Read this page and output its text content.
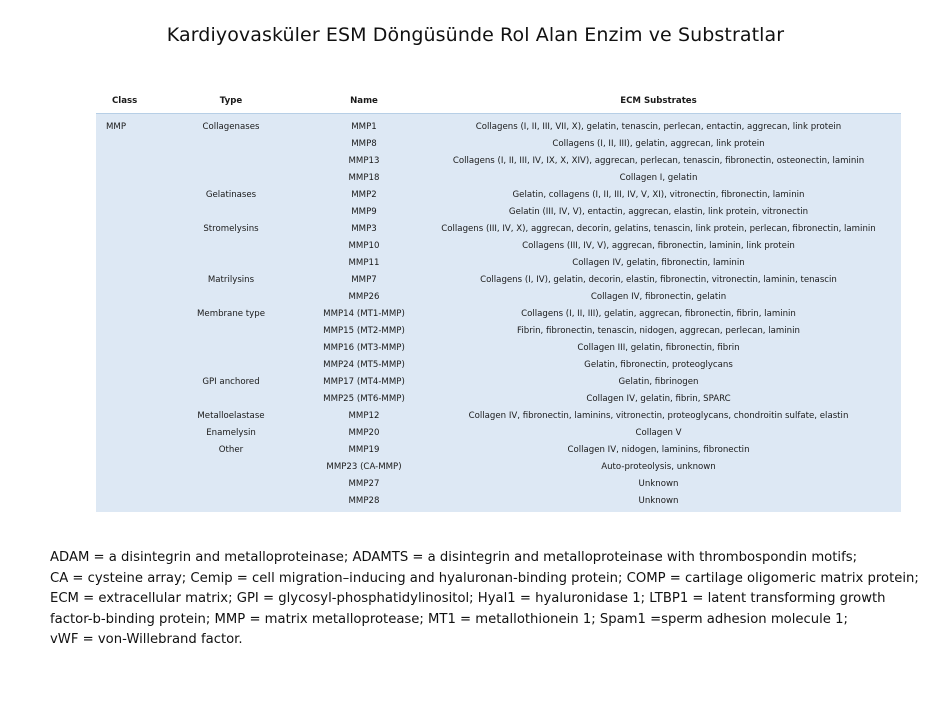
Kardiyovasküler ESM Döngüsünde Rol Alan Enzim ve Substratlar
Class	Type	Name	ECM Substrates
MMP	Collagenases	MMP1	Collagens (I, II, III, VII, X), gelatin, tenascin, perlecan, entactin, aggrecan, link protein
		MMP8	Collagens (I, II, III), gelatin, aggrecan, link protein
		MMP13	Collagens (I, II, III, IV, IX, X, XIV), aggrecan, perlecan, tenascin, fibronectin, osteonectin, laminin
		MMP18	Collagen I, gelatin
	Gelatinases	MMP2	Gelatin, collagens (I, II, III, IV, V, XI), vitronectin, fibronectin, laminin
		MMP9	Gelatin (III, IV, V), entactin, aggrecan, elastin, link protein, vitronectin
	Stromelysins	MMP3	Collagens (III, IV, X), aggrecan, decorin, gelatins, tenascin, link protein, perlecan, fibronectin, laminin
		MMP10	Collagens (III, IV, V), aggrecan, fibronectin, laminin, link protein
		MMP11	Collagen IV, gelatin, fibronectin, laminin
	Matrilysins	MMP7	Collagens (I, IV), gelatin, decorin, elastin, fibronectin, vitronectin, laminin, tenascin
		MMP26	Collagen IV, fibronectin, gelatin
	Membrane type	MMP14 (MT1-MMP)	Collagens (I, II, III), gelatin, aggrecan, fibronectin, fibrin, laminin
		MMP15 (MT2-MMP)	Fibrin, fibronectin, tenascin, nidogen, aggrecan, perlecan, laminin
		MMP16 (MT3-MMP)	Collagen III, gelatin, fibronectin, fibrin
		MMP24 (MT5-MMP)	Gelatin, fibronectin, proteoglycans
	GPI anchored	MMP17 (MT4-MMP)	Gelatin, fibrinogen
		MMP25 (MT6-MMP)	Collagen IV, gelatin, fibrin, SPARC
	Metalloelastase	MMP12	Collagen IV, fibronectin, laminins, vitronectin, proteoglycans, chondroitin sulfate, elastin
	Enamelysin	MMP20	Collagen V
	Other	MMP19	Collagen IV, nidogen, laminins, fibronectin
		MMP23 (CA-MMP)	Auto-proteolysis, unknown
		MMP27	Unknown
		MMP28	Unknown
ADAM = a disintegrin and metalloproteinase; ADAMTS = a disintegrin and metalloproteinase with thrombospondin motifs;
CA = cysteine array; Cemip = cell migration–inducing and hyaluronan-binding protein; COMP = cartilage oligomeric matrix protein;
ECM = extracellular matrix; GPI = glycosyl-phosphatidylinositol; Hyal1 = hyaluronidase 1; LTBP1 = latent transforming growth
factor-b-binding protein; MMP = matrix metalloprotease; MT1 = metallothionein 1; Spam1 =sperm adhesion molecule 1;
vWF = von-Willebrand factor.
